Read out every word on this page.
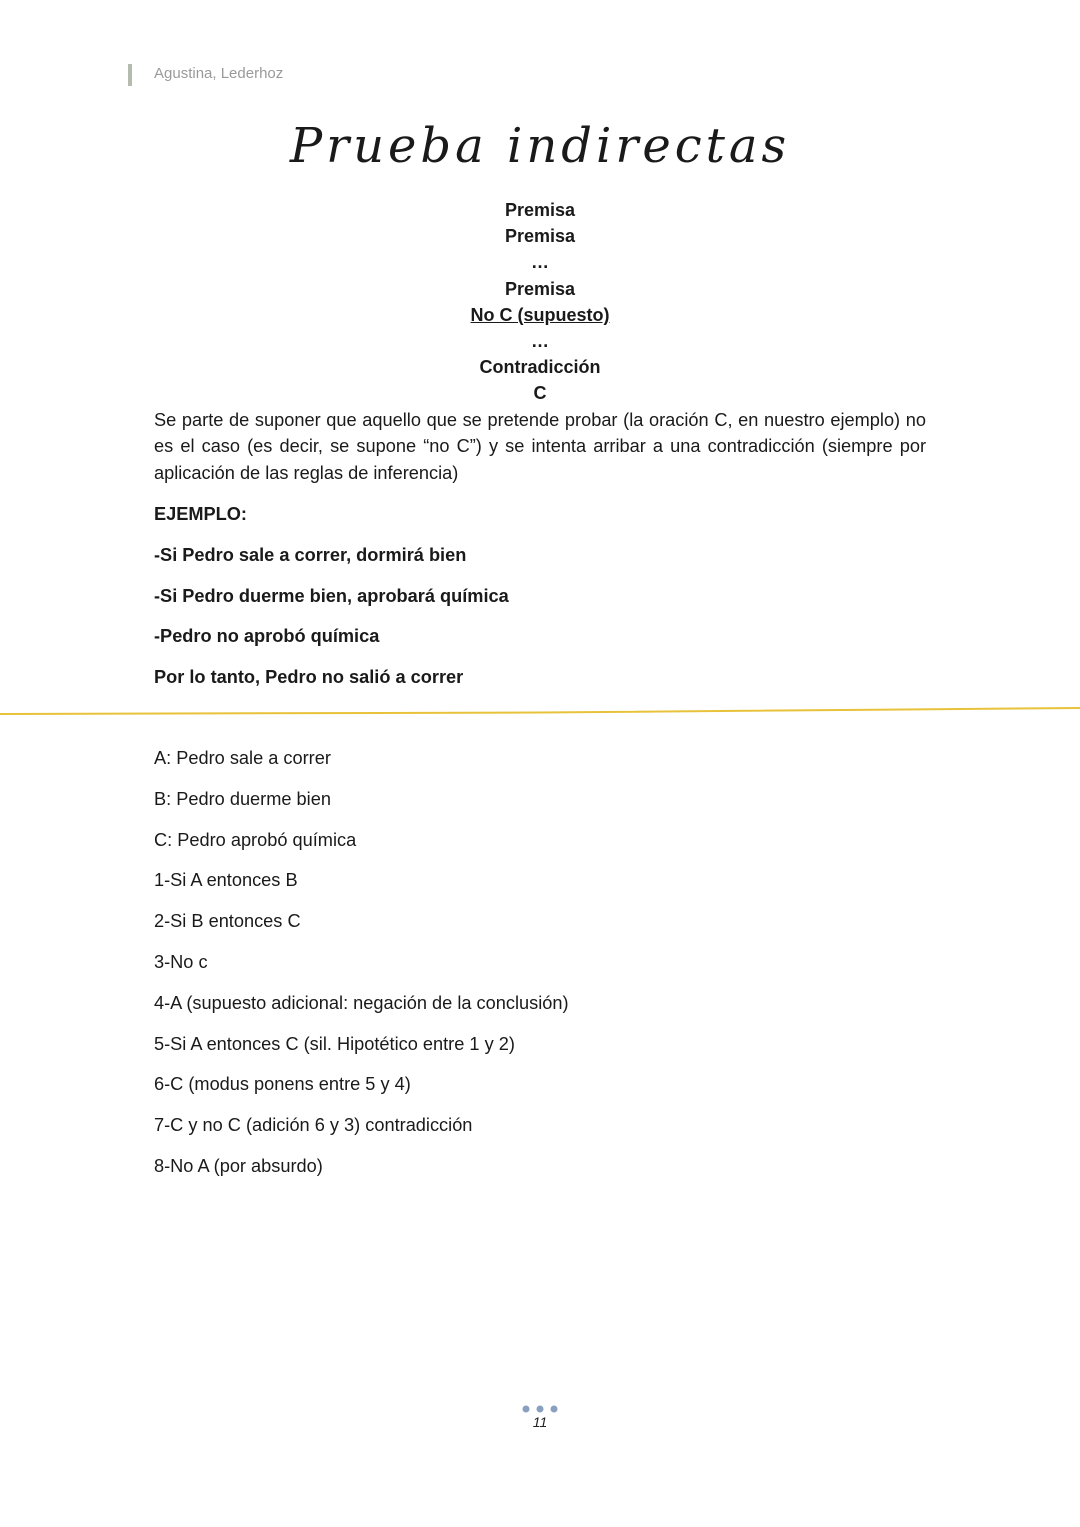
Agustina, Lederhoz
Prueba indirectas
Premisa
Premisa
…
Premisa
No C (supuesto)
…
Contradicción
C
Se parte de suponer que aquello que se pretende probar (la oración C, en nuestro ejemplo) no es el caso (es decir, se supone “no C”) y se intenta arribar a una contradicción (siempre por aplicación de las reglas de inferencia)
EJEMPLO:
-Si Pedro sale a correr, dormirá bien
-Si Pedro duerme bien, aprobará química
-Pedro no aprobó química
Por lo tanto, Pedro no salió a correr
A: Pedro sale a correr
B: Pedro duerme bien
C: Pedro aprobó química
1-Si A entonces B
2-Si B entonces C
3-No c
4-A (supuesto adicional: negación de la conclusión)
5-Si A entonces C (sil. Hipotético entre 1 y 2)
6-C (modus ponens entre 5 y 4)
7-C y no C (adición 6 y 3) contradicción
8-No A (por absurdo)
11
